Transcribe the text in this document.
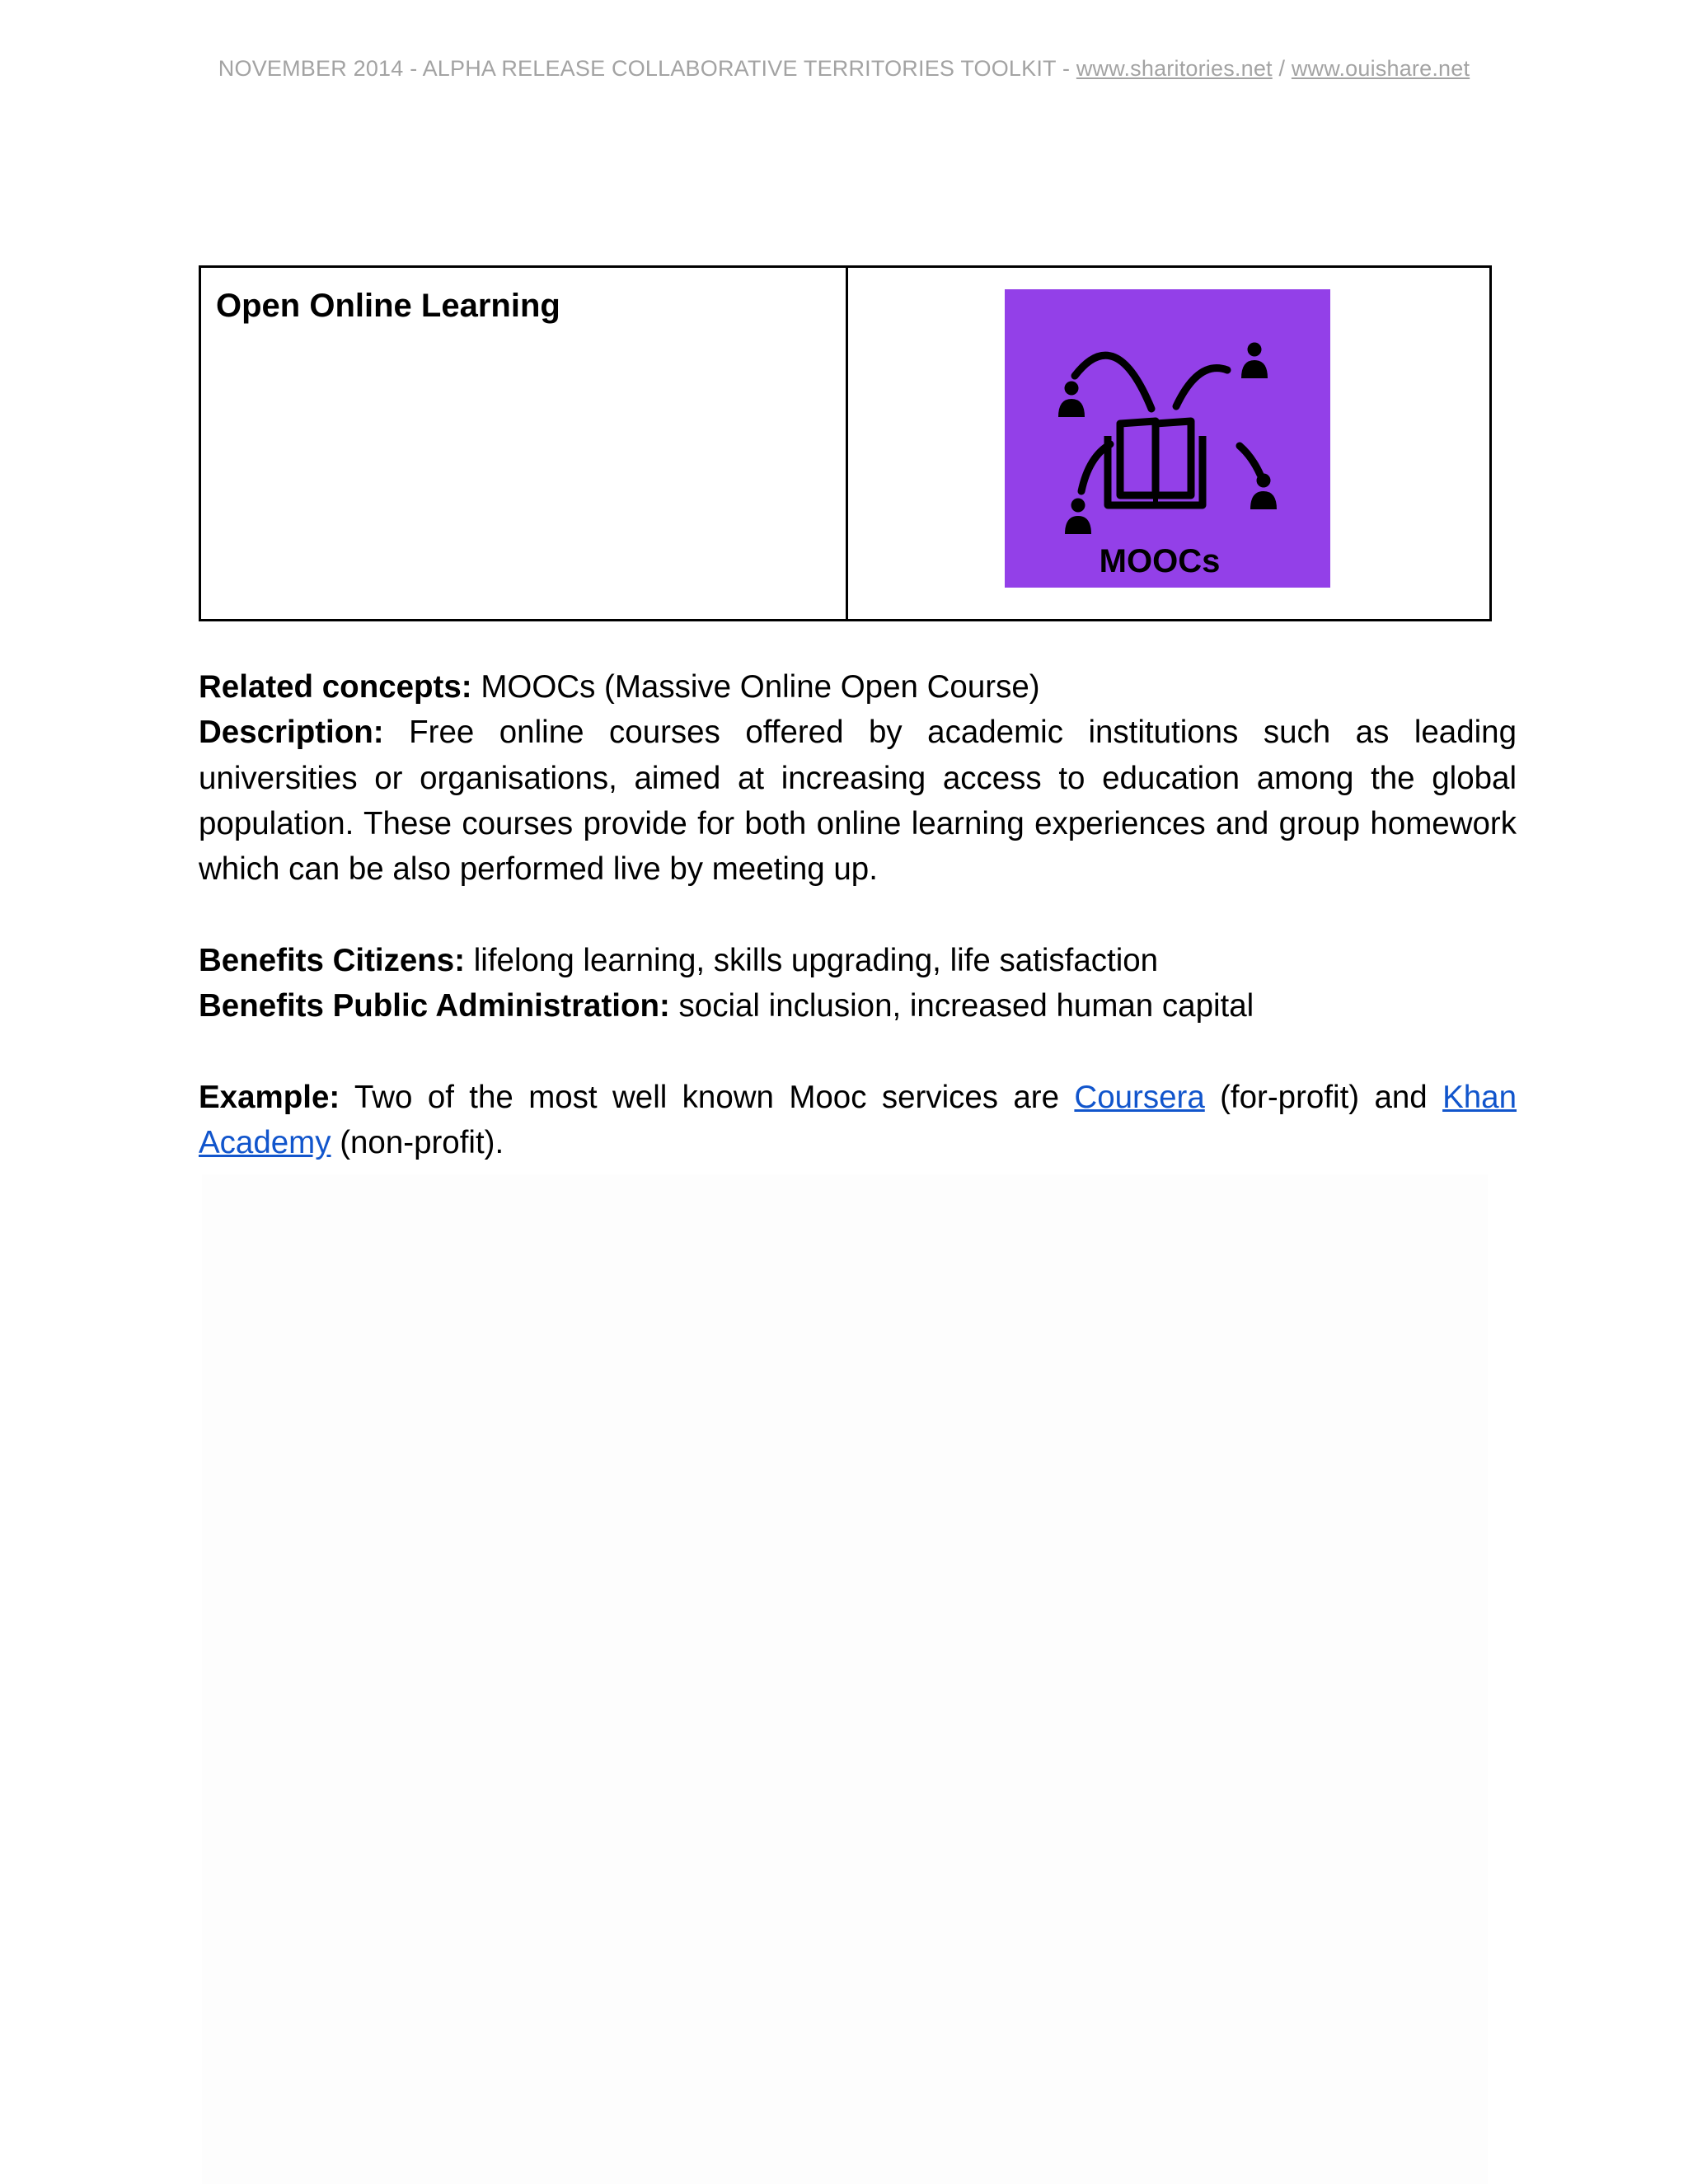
NOVEMBER 2014 - ALPHA RELEASE COLLABORATIVE TERRITORIES TOOLKIT - www.sharitories.net / www.ouishare.net
Open Online Learning

MOOCs

Related concepts: MOOCs (Massive Online Open Course)

Description: Free online courses offered by academic institutions such as leading universities or organisations, aimed at increasing access to education among the global population. These courses provide for both online learning experiences and group homework which can be also performed live by meeting up.

Benefits Citizens: lifelong learning, skills upgrading, life satisfaction

Benefits Public Administration: social inclusion, increased human capital

Example: Two of the most well known Mooc services are Coursera (for-profit) and Khan Academy (non-profit).
